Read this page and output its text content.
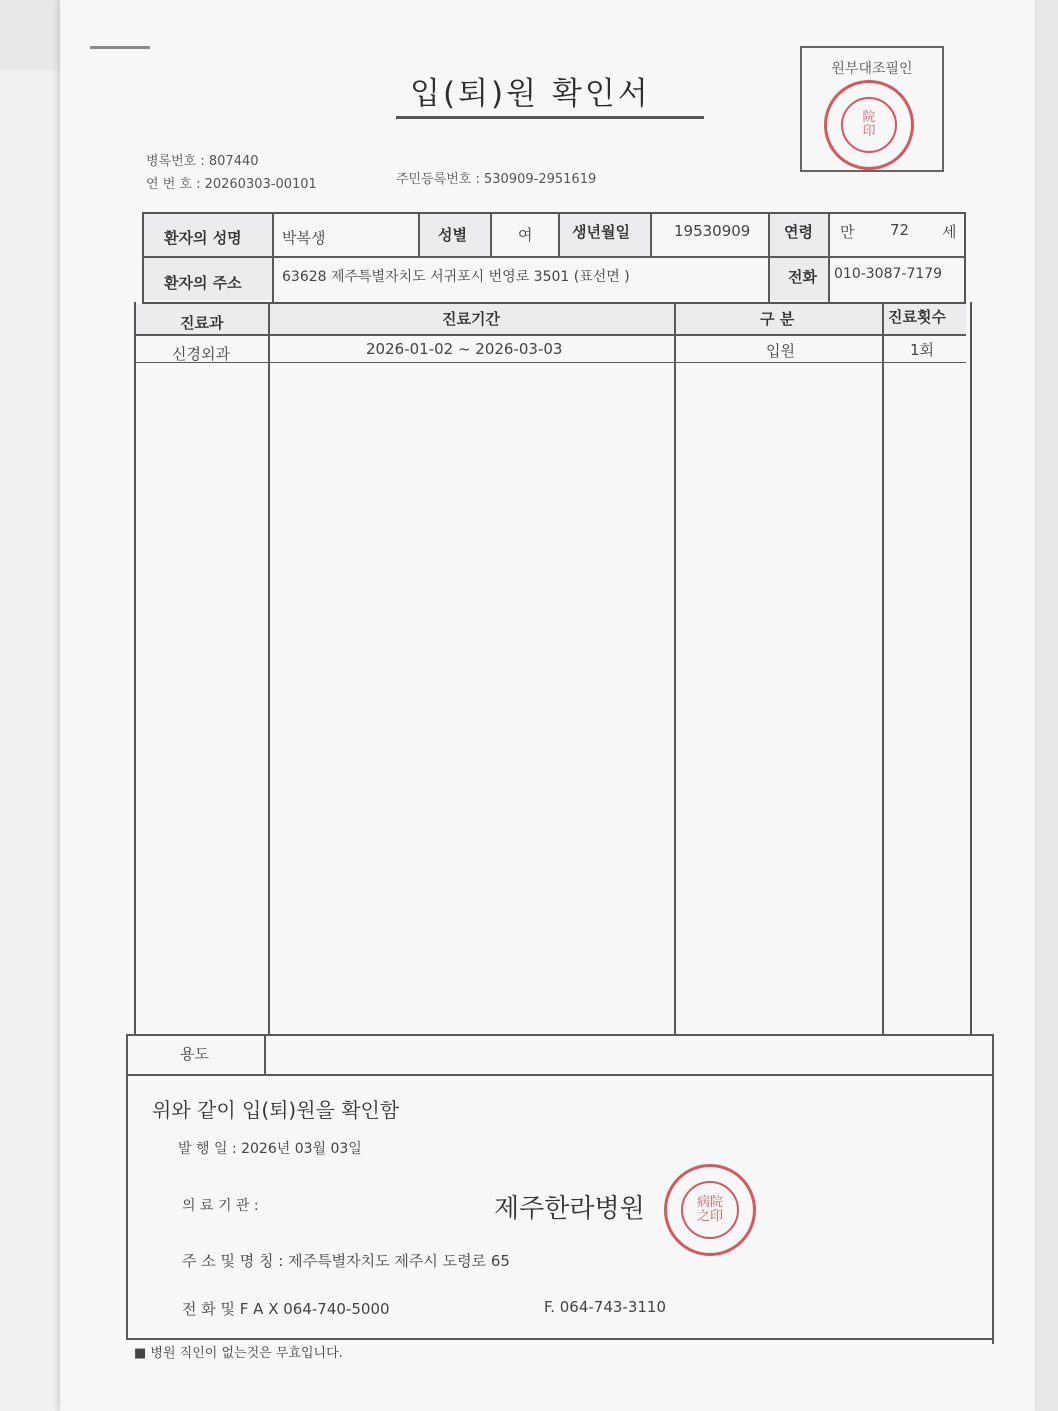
입(퇴)원 확인서
원부대조필인
院
印
병록번호 : 807440
연 번 호 : 20260303-00101	주민등록번호 : 530909-2951619
환자의 성명	박복생	성별	여	생년월일	19530909 연령 만 72 세
환자의 주소	63628 제주특별자치도 서귀포시 번영로 3501 (표선면 )	전화 010-3087-7179
진료과	진료기간	구 분	진료횟수
신경외과	2026-01-02 ~ 2026-03-03	입원	1회
용도
위와 같이 입(퇴)원을 확인함
발 행 일 : 2026년 03월 03일
의 료 기 관 :	제주한라병원	病院
之印
주 소 및 명 칭 : 제주특별자치도 제주시 도령로 65
전 화 및 F A X 064-740-5000	F. 064-743-3110
■ 병원 직인이 없는것은 무효입니다.
